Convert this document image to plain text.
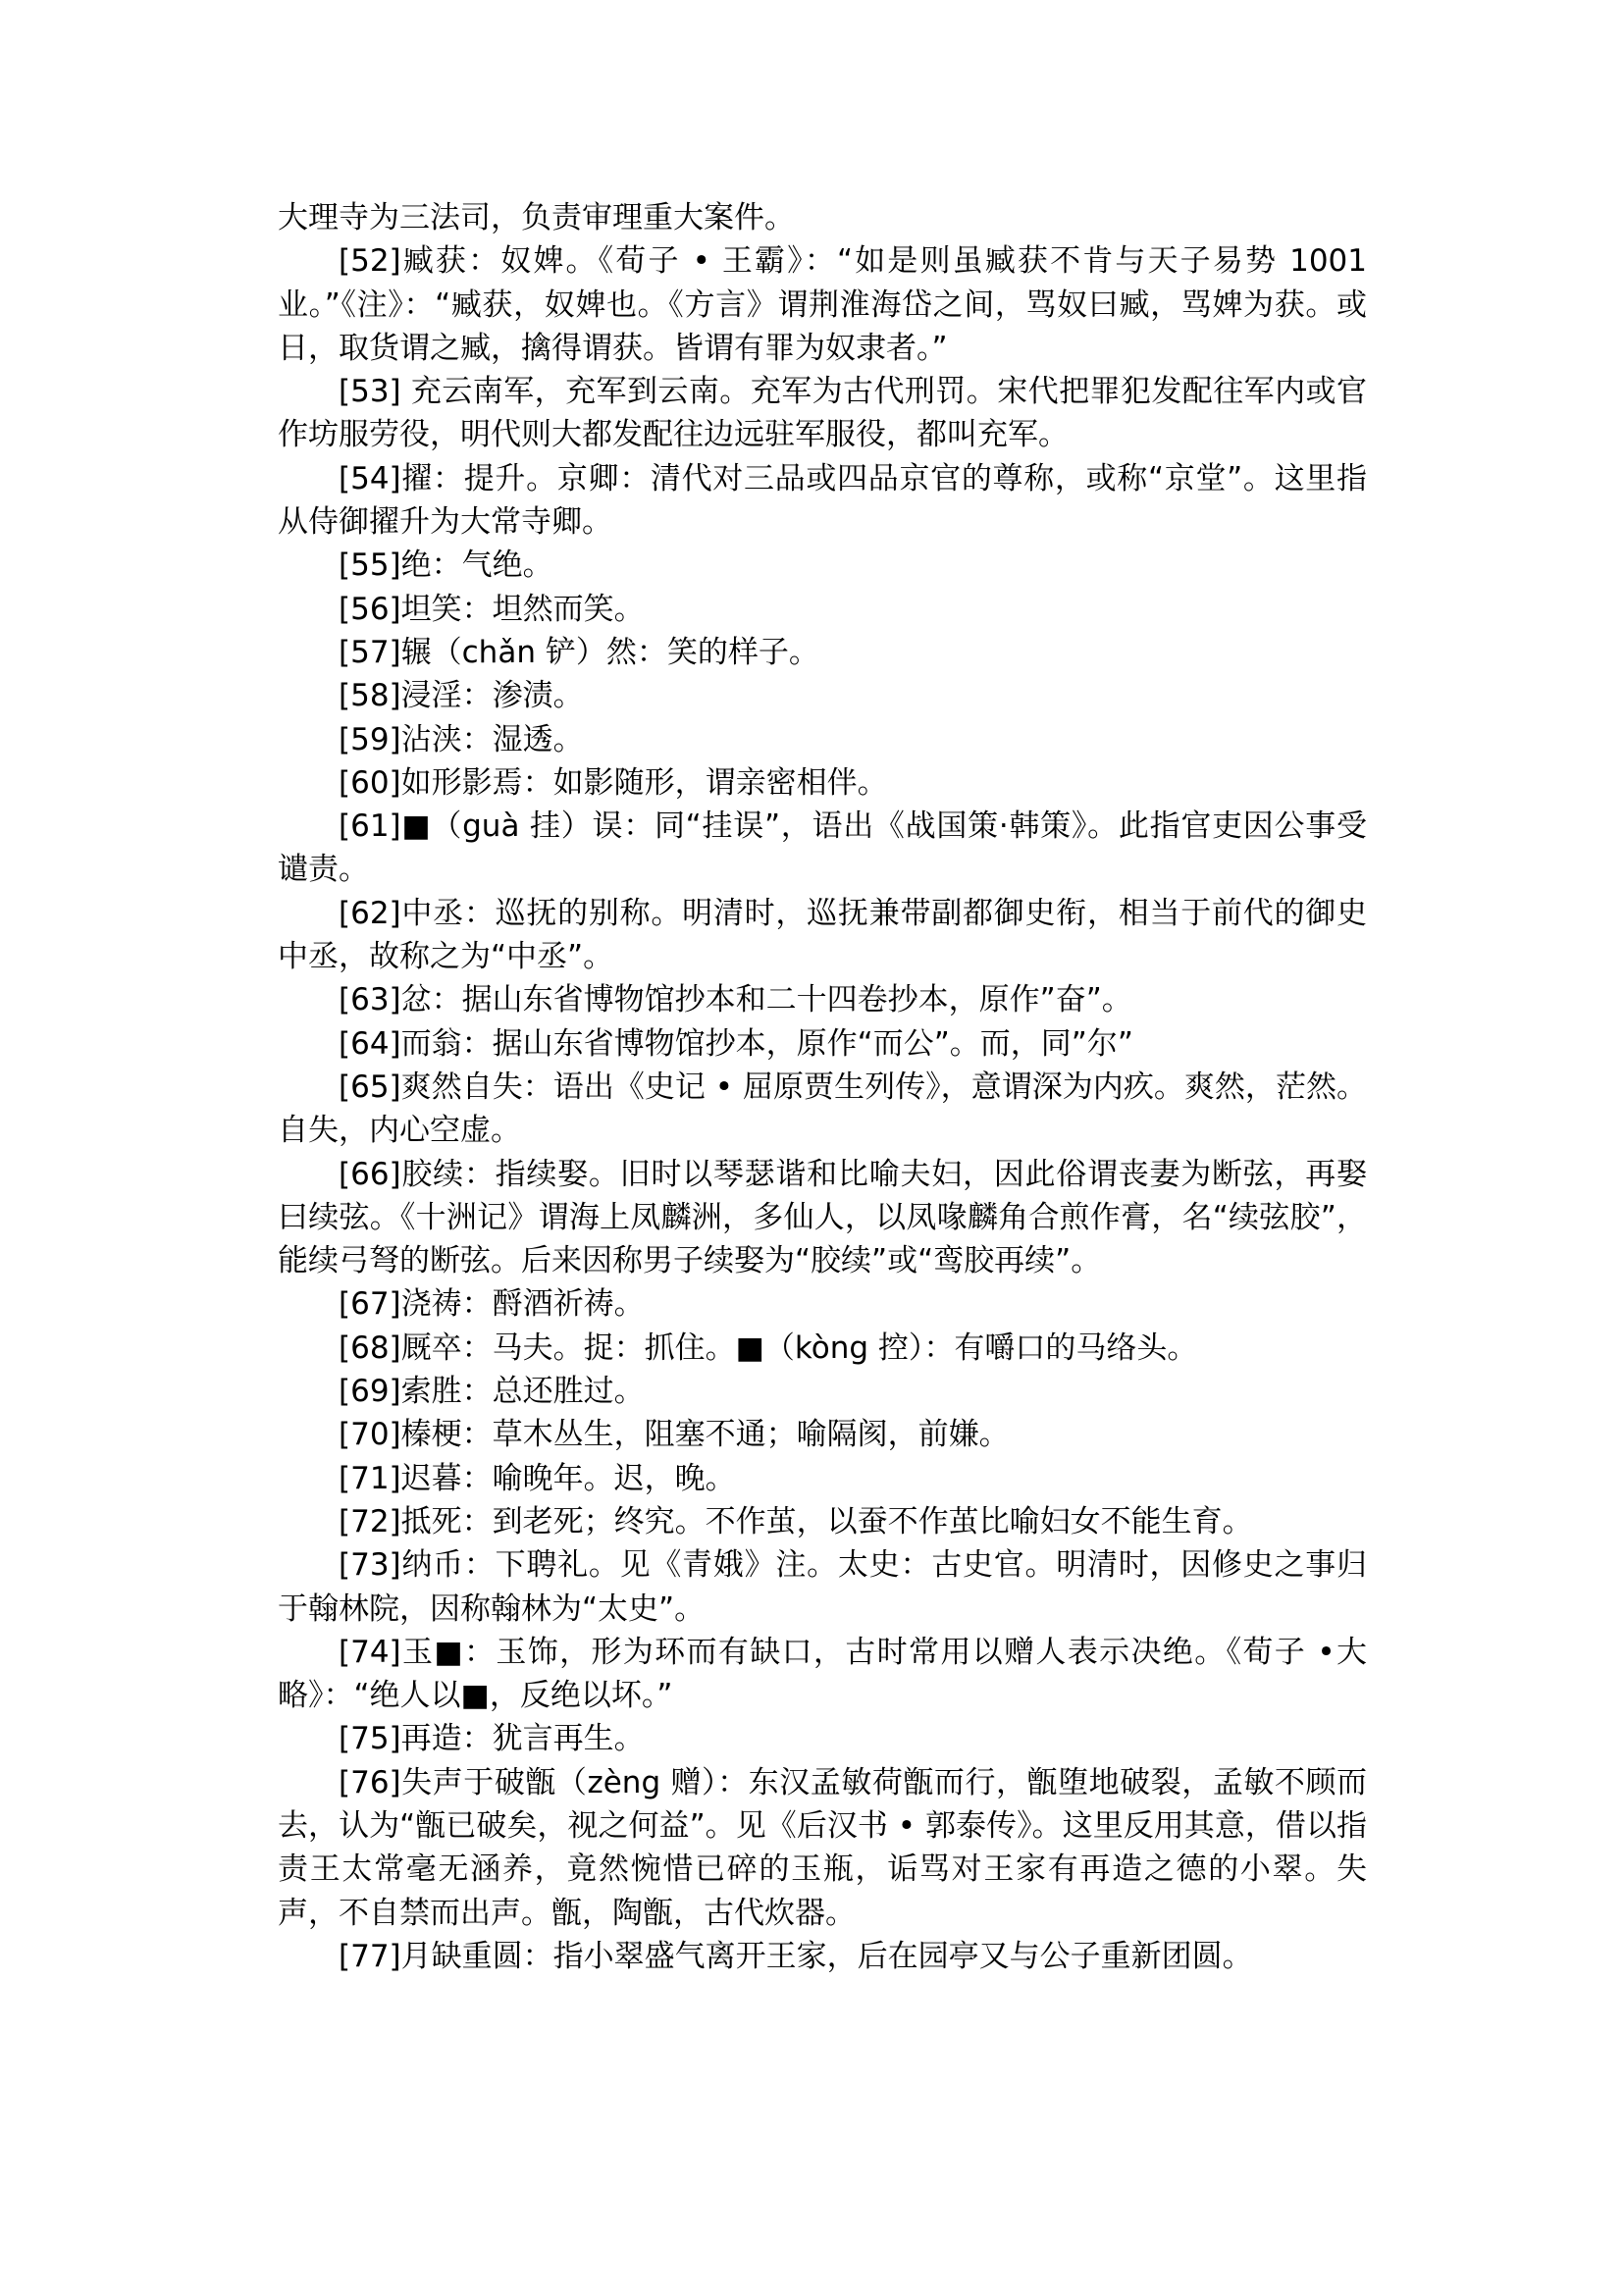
大理寺为三法司，负责审理重大案件。

[52]臧获：奴婢。《荀子 • 王霸》：“如是则虽臧获不肯与天子易势 1001业。”《注》：“臧获，奴婢也。《方言》谓荆淮海岱之间，骂奴曰臧，骂婢为获。或日，取货谓之臧，擒得谓获。皆谓有罪为奴隶者。”

[53] 充云南军，充军到云南。充军为古代刑罚。宋代把罪犯发配往军内或官作坊服劳役，明代则大都发配往边远驻军服役，都叫充军。

[54]擢：提升。京卿：清代对三品或四品京官的尊称，或称“京堂”。这里指从侍御擢升为大常寺卿。

[55]绝：气绝。

[56]坦笑：坦然而笑。

[57]辗（chǎn 铲）然：笑的样子。

[58]浸淫：渗渍。

[59]沾浃：湿透。

[60]如形影焉：如影随形，谓亲密相伴。

[61]■（guà 挂）误：同“挂误”，语出《战国策·韩策》。此指官吏因公事受谴责。

[62]中丞：巡抚的别称。明清时，巡抚兼带副都御史衔，相当于前代的御史中丞，故称之为“中丞”。

[63]忿：据山东省博物馆抄本和二十四卷抄本，原作”奋”。

[64]而翁：据山东省博物馆抄本，原作“而公”。而，同”尔”

[65]爽然自失：语出《史记 • 屈原贾生列传》，意谓深为内疚。爽然，茫然。自失，内心空虚。

[66]胶续：指续娶。旧时以琴瑟谐和比喻夫妇，因此俗谓丧妻为断弦，再娶曰续弦。《十洲记》谓海上凤麟洲，多仙人，以凤喙麟角合煎作膏，名“续弦胶”，能续弓弩的断弦。后来因称男子续娶为“胶续”或“鸾胶再续”。

[67]浇祷：酹酒祈祷。

[68]厩卒：马夫。捉：抓住。■（kòng 控）：有嚼口的马络头。

[69]索胜：总还胜过。

[70]榛梗：草木丛生，阻塞不通；喻隔阂，前嫌。

[71]迟暮：喻晚年。迟，晚。

[72]抵死：到老死；终究。不作茧，以蚕不作茧比喻妇女不能生育。

[73]纳币：下聘礼。见《青娥》注。太史：古史官。明清时，因修史之事归于翰林院，因称翰林为“太史”。

[74]玉■：玉饰，形为环而有缺口，古时常用以赠人表示决绝。《荀子 •大略》：“绝人以■，反绝以坏。”

[75]再造：犹言再生。

[76]失声于破甑（zèng 赠）：东汉孟敏荷甑而行，甑堕地破裂，孟敏不顾而去，认为“甑已破矣，视之何益”。见《后汉书 • 郭泰传》。这里反用其意，借以指责王太常毫无涵养，竟然惋惜已碎的玉瓶，诟骂对王家有再造之德的小翠。失声，不自禁而出声。甑，陶甑，古代炊器。

[77]月缺重圆：指小翠盛气离开王家，后在园亭又与公子重新团圆。
